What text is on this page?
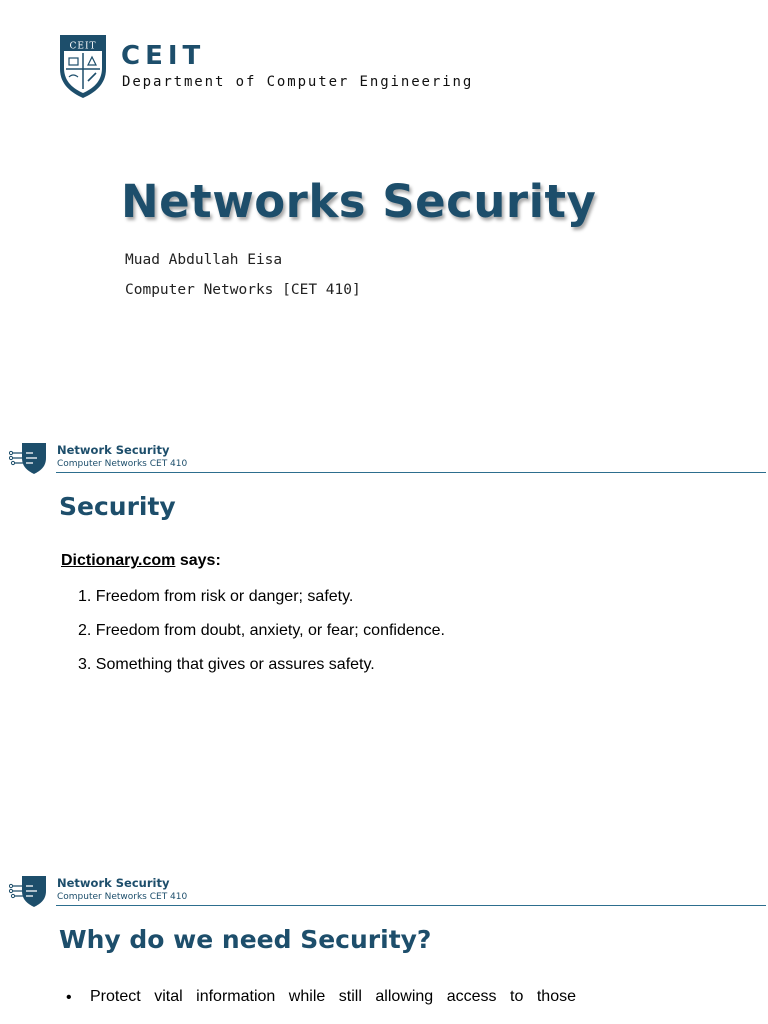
CEIT CEIT
Department of Computer Engineering
Networks Security
Muad Abdullah Eisa
Computer Networks [CET 410]
Network Security
Computer Networks CET 410
Security
Dictionary.com says:
1. Freedom from risk or danger; safety.
2. Freedom from doubt, anxiety, or fear; confidence.
3. Something that gives or assures safety.
Network Security
Computer Networks CET 410
Why do we need Security?
• Protect vital information while still allowing access to those
